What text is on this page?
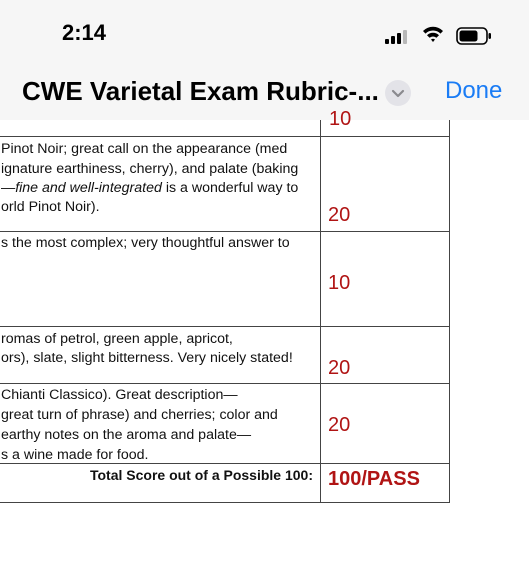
2:14
CWE Varietal Exam Rubric-...	Done
10
Pinot Noir; great call on the appearance (med
ignature earthiness, cherry), and palate (baking
—fine and well-integrated is a wonderful way to
orld Pinot Noir).	20
s the most complex; very thoughtful answer to
10
romas of petrol, green apple, apricot,
ors), slate, slight bitterness. Very nicely stated! 20
Chianti Classico). Great description—
great turn of phrase) and cherries; color and
earthy notes on the aroma and palate—
s a wine made for food.
20
Total Score out of a Possible 100: 100/PASS
